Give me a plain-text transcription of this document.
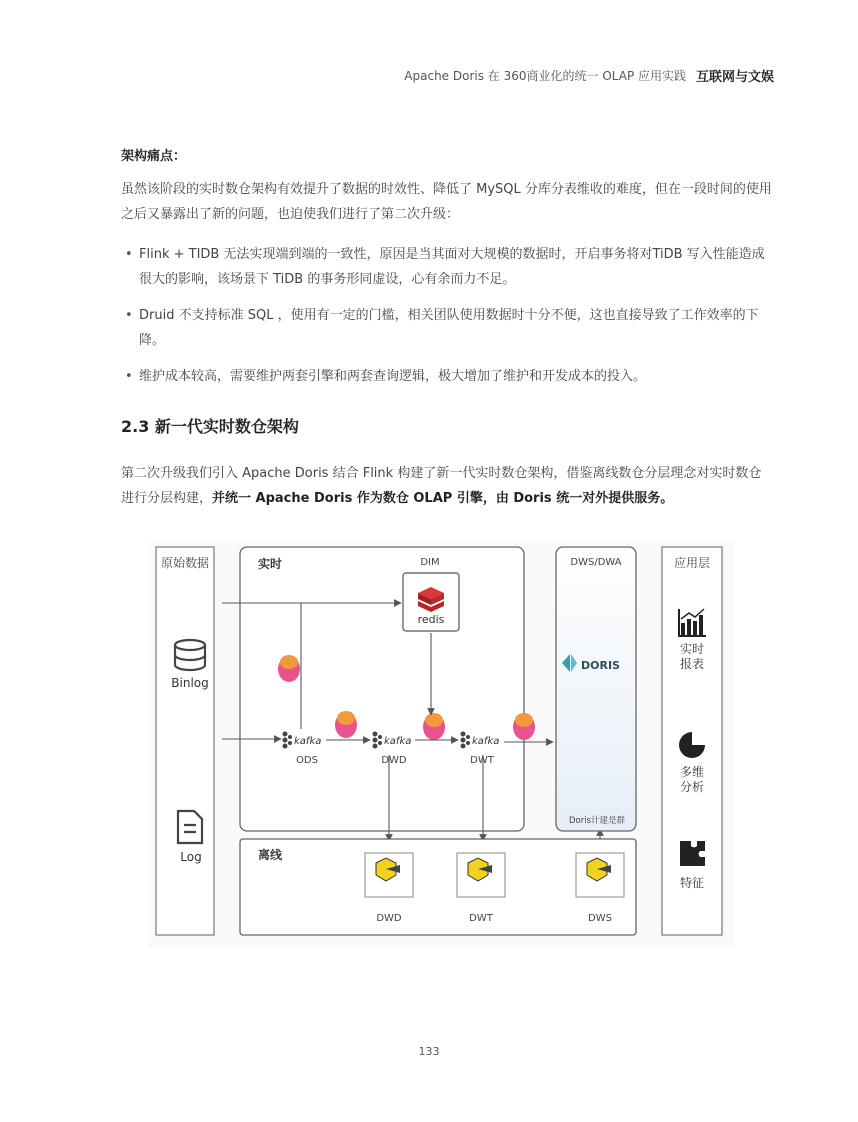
Apache Doris 在 360商业化的统一 OLAP 应用实践 互联网与文娱
架构痛点：
虽然该阶段的实时数仓架构有效提升了数据的时效性、降低了 MySQL 分库分表维收的难度，但在一段时间的使用之后又暴露出了新的问题，也迫使我们进行了第二次升级：
• Flink + TIDB 无法实现端到端的一致性，原因是当其面对大规模的数据时，开启事务将对TiDB 写入性能造成很大的影响，该场景下 TiDB 的事务形同虚设，心有余而力不足。
• Druid 不支持标准 SQL ，使用有一定的门槛，相关团队使用数据时十分不便，这也直接导致了工作效率的下降。
• 维护成本较高，需要维护两套引擎和两套查询逻辑，极大增加了维护和开发成本的投入。
2.3 新一代实时数仓架构
第二次升级我们引入 Apache Doris 结合 Flink 构建了新一代实时数仓架构，借鉴离线数仓分层理念对实时数仓进行分层构建，并统一 Apache Doris 作为数仓 OLAP 引擎，由 Doris 统一对外提供服务。
原始数据
Binlog
Log
实时	DIM
redis
kafka
ODS
kafka
DWD
kafka
DWT
DWS/DWA
DORIS
Doris计建是群
离线
DWD	DWT	DWS
应用层
实时
报表
多维
分析
特征
133
